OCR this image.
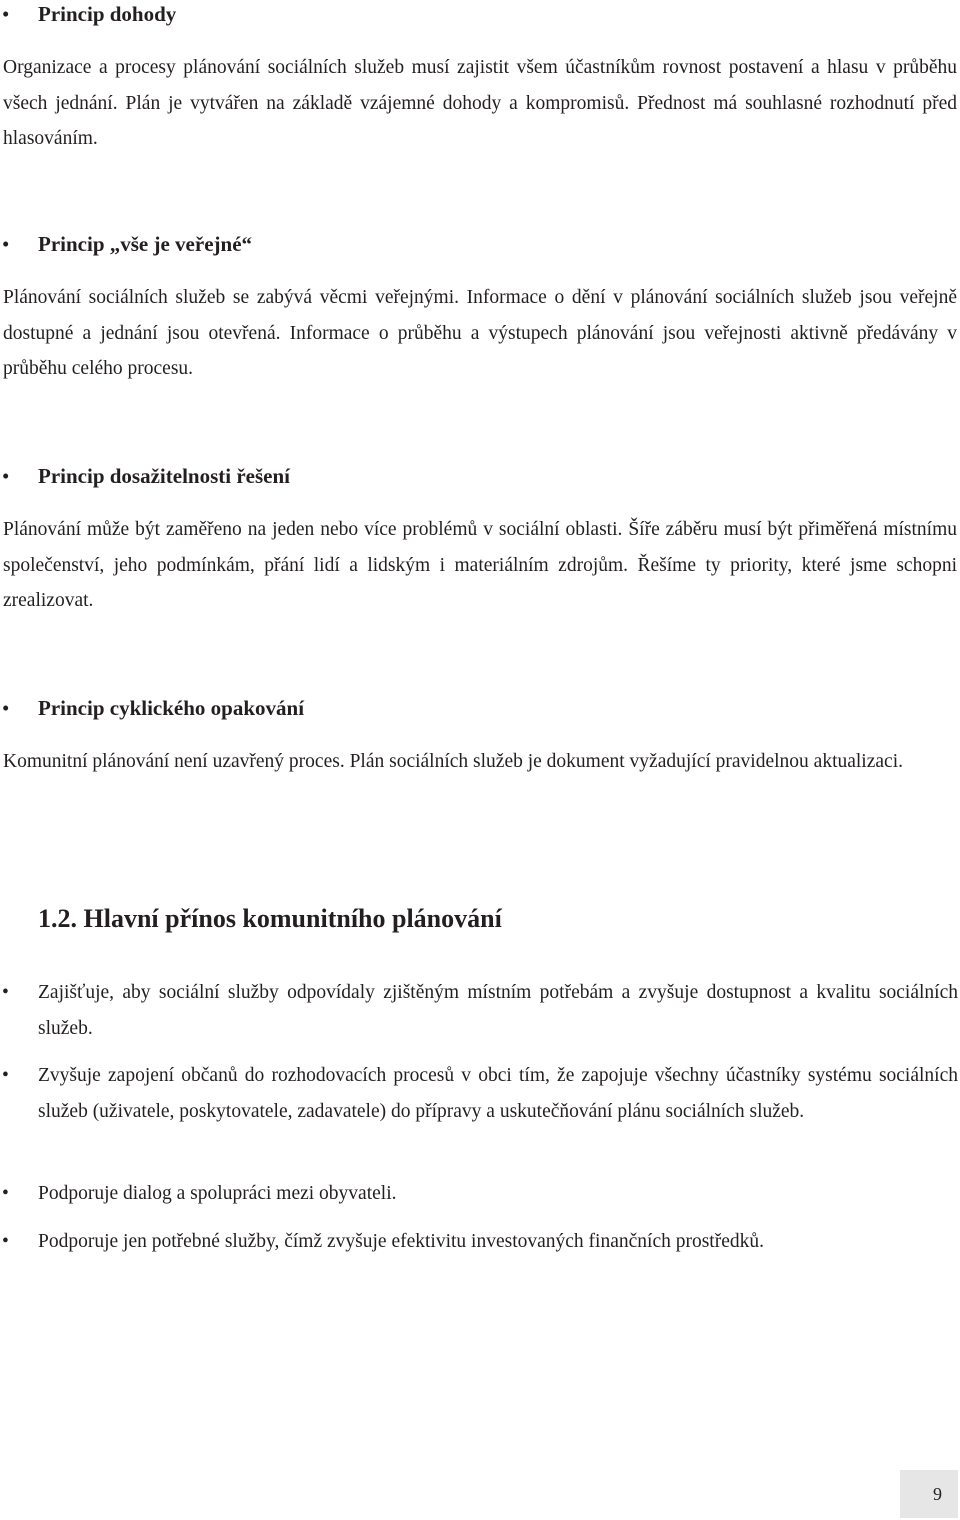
• Princip dohody
Organizace a procesy plánování sociálních služeb musí zajistit všem účastníkům rovnost postavení a hlasu v průběhu všech jednání. Plán je vytvářen na základě vzájemné dohody a kompromisů. Přednost má souhlasné rozhodnutí před hlasováním.
• Princip „vše je veřejné“
Plánování sociálních služeb se zabývá věcmi veřejnými. Informace o dění v plánování sociálních služeb jsou veřejně dostupné a jednání jsou otevřená. Informace o průběhu a výstupech plánování jsou veřejnosti aktivně předávány v průběhu celého procesu.
• Princip dosažitelnosti řešení
Plánování může být zaměřeno na jeden nebo více problémů v sociální oblasti. Šíře záběru musí být přiměřená místnímu společenství, jeho podmínkám, přání lidí a lidským i materiálním zdrojům. Řešíme ty priority, které jsme schopni zrealizovat.
• Princip cyklického opakování
Komunitní plánování není uzavřený proces. Plán sociálních služeb je dokument vyžadující pravidelnou aktualizaci.
1.2. Hlavní přínos komunitního plánování
• Zajišťuje, aby sociální služby odpovídaly zjištěným místním potřebám a zvyšuje dostupnost a kvalitu sociálních služeb.
• Zvyšuje zapojení občanů do rozhodovacích procesů v obci tím, že zapojuje všechny účastníky systému sociálních služeb (uživatele, poskytovatele, zadavatele) do přípravy a uskutečňování plánu sociálních služeb.
• Podporuje dialog a spolupráci mezi obyvateli.
• Podporuje jen potřebné služby, čímž zvyšuje efektivitu investovaných finančních prostředků.
9
